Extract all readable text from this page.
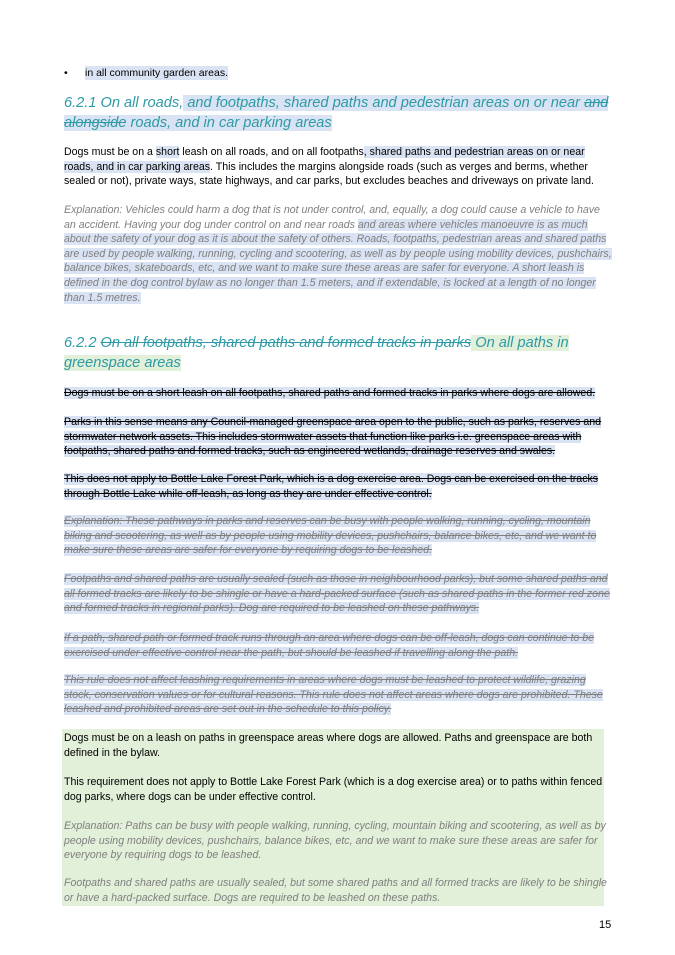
• in all community garden areas.
6.2.1 On all roads, and footpaths, shared paths and pedestrian areas on or near and alongside roads, and in car parking areas
Dogs must be on a short leash on all roads, and on all footpaths, shared paths and pedestrian areas on or near roads, and in car parking areas. This includes the margins alongside roads (such as verges and berms, whether sealed or not), private ways, state highways, and car parks, but excludes beaches and driveways on private land.
Explanation: Vehicles could harm a dog that is not under control, and, equally, a dog could cause a vehicle to have an accident. Having your dog under control on and near roads and areas where vehicles manoeuvre is as much about the safety of your dog as it is about the safety of others. Roads, footpaths, pedestrian areas and shared paths are used by people walking, running, cycling and scootering, as well as by people using mobility devices, pushchairs, balance bikes, skateboards, etc, and we want to make sure these areas are safer for everyone. A short leash is defined in the dog control bylaw as no longer than 1.5 meters, and if extendable, is locked at a length of no longer than 1.5 metres.
6.2.2 On all footpaths, shared paths and formed tracks in parks On all paths in greenspace areas
Dogs must be on a short leash on all footpaths, shared paths and formed tracks in parks where dogs are allowed.
Parks in this sense means any Council-managed greenspace area open to the public, such as parks, reserves and stormwater network assets. This includes stormwater assets that function like parks i.e. greenspace areas with footpaths, shared paths and formed tracks, such as engineered wetlands, drainage reserves and swales.
This does not apply to Bottle Lake Forest Park, which is a dog exercise area. Dogs can be exercised on the tracks through Bottle Lake while off-leash, as long as they are under effective control.
Explanation: These pathways in parks and reserves can be busy with people walking, running, cycling, mountain biking and scootering, as well as by people using mobility devices, pushchairs, balance bikes, etc, and we want to make sure these areas are safer for everyone by requiring dogs to be leashed.
Footpaths and shared paths are usually sealed (such as those in neighbourhood parks), but some shared paths and all formed tracks are likely to be shingle or have a hard-packed surface (such as shared paths in the former red zone and formed tracks in regional parks). Dog are required to be leashed on these pathways.
If a path, shared path or formed track runs through an area where dogs can be off-leash, dogs can continue to be exercised under effective control near the path, but should be leashed if travelling along the path.
This rule does not affect leashing requirements in areas where dogs must be leashed to protect wildlife, grazing stock, conservation values or for cultural reasons. This rule does not affect areas where dogs are prohibited. These leashed and prohibited areas are set out in the schedule to this policy.
Dogs must be on a leash on paths in greenspace areas where dogs are allowed. Paths and greenspace are both defined in the bylaw.
This requirement does not apply to Bottle Lake Forest Park (which is a dog exercise area) or to paths within fenced dog parks, where dogs can be under effective control.
Explanation: Paths can be busy with people walking, running, cycling, mountain biking and scootering, as well as by people using mobility devices, pushchairs, balance bikes, etc, and we want to make sure these areas are safer for everyone by requiring dogs to be leashed.
Footpaths and shared paths are usually sealed, but some shared paths and all formed tracks are likely to be shingle or have a hard-packed surface. Dogs are required to be leashed on these paths.
15
